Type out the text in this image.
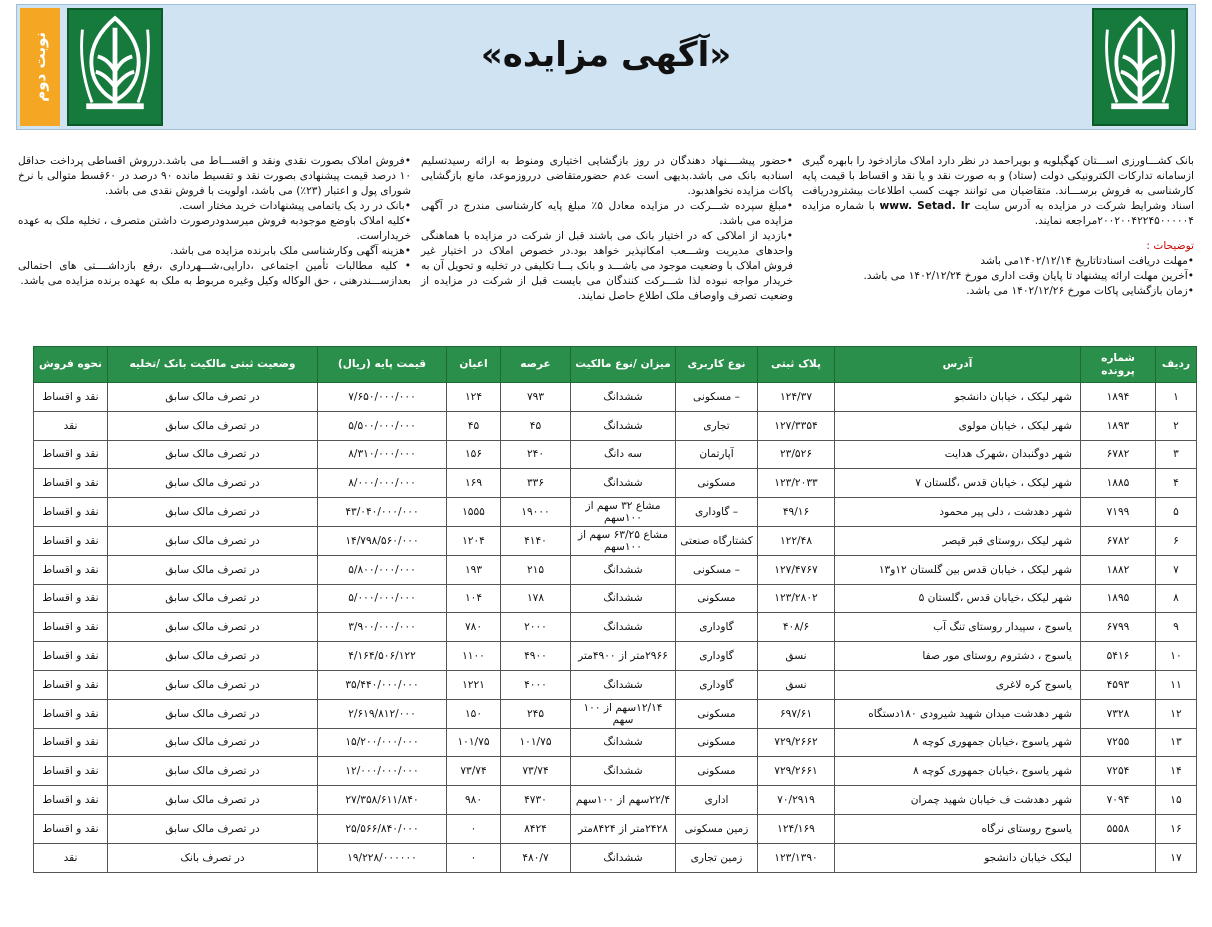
نوبت دوم	«آگهی مزایده»

بانک کشـــاورزی اســـتان کهگیلویه و بویراحمد در نظر دارد املاک مازادخود را بابهره گیری ازسامانه تدارکات الکترونیکی دولت (ستاد) و به صورت نقد و یا نقد و اقساط با قیمت پایه کارشناسی به فروش برســـاند. متقاضیان می توانند جهت کسب اطلاعات بیشترودریافت اسناد وشرایط شرکت در مزایده به آدرس سایت www. Setad. Ir با شماره مزایده ۲۰۰۲۰۰۴۲۲۴۵۰۰۰۰۰۴مراجعه نمایند.

توضیحات :

•مهلت دریافت اسنادتاتاریخ ۱۴۰۲/۱۲/۱۴می باشد

•آخرین مهلت ارائه پیشنهاد تا پایان وقت اداری مورخ ۱۴۰۲/۱۲/۲۴ می باشد.

•زمان بازگشایی پاکات مورخ ۱۴۰۲/۱۲/۲۶ می باشد.

•حضور پیشــــنهاد دهندگان در روز بازگشایی اختیاری ومنوط به ارائه رسیدتسلیم اسنادبه بانک می باشد.بدیهی است عدم حضورمتقاضی درروزموعد، مانع بازگشایی پاکات مزایده نخواهدبود.

•مبلغ سپرده شـــرکت در مزایده معادل ۵٪ مبلغ پایه کارشناسی مندرج در آگهی مزایده می باشد.

•بازدید از املاکی که در اختیار بانک می باشند قبل از شرکت در مزایده با هماهنگی واحدهای مدیریت وشـــعب امکانپذیر خواهد بود.در خصوص املاک در اختیار غیر فروش املاک با وضعیت موجود می باشـــد و بانک بـــا تکلیفی در تخلیه و تحویل آن به خریدار مواجه نبوده لذا شـــرکت کنندگان می بایست قبل از شرکت در مزایده از وضعیت تصرف واوصاف ملک اطلاع حاصل نمایند.

•فروش املاک بصورت نقدی ونقد و اقســـاط می باشد.درروش اقساطی پرداخت حداقل ۱۰ درصد قیمت پیشنهادی بصورت نقد و تقسیط مانده ۹۰ درصد در ۶۰قسط متوالی با نرخ شورای پول و اعتبار (۲۳٪) می باشد، اولویت با فروش نقدی می باشد.

•بانک در رد یک یاتمامی پیشنهادات خرید مختار است.

•کلیه املاک باوضع موجودبه فروش میرسدودرصورت داشتن متصرف ، تخلیه ملک به عهده خریداراست.

•هزینه آگهی وکارشناسی ملک بابرنده مزایده می باشد.

• کلیه مطالبات تأمین اجتماعی ،دارایی،شـــهرداری ،رفع بازداشــــتی های احتمالی بعدازســـندرهنی ، حق الوکاله وکیل وغیره مربوط به ملک به عهده برنده مزایده می باشد.

ردیف	شماره پرونده	آدرس	پلاک ثبتی	نوع کاربری	میزان /نوع مالکیت	عرصه	اعیان	قیمت پایه (ریال)	وضعیت ثبتی مالکیت بانک /تخلیه	نحوه فروش
۱	۱۸۹۴	شهر لیکک ، خیابان دانشجو	۱۲۴/۳۷	– مسکونی	ششدانگ	۷۹۳	۱۲۴	۷/۶۵۰/۰۰۰/۰۰۰	در تصرف مالک سابق	نقد و اقساط
۲	۱۸۹۳	شهر لیکک ، خیابان مولوی	۱۲۷/۳۳۵۴	تجاری	ششدانگ	۴۵	۴۵	۵/۵۰۰/۰۰۰/۰۰۰	در تصرف مالک سابق	نقد
۳	۶۷۸۲	شهر دوگنبدان ،شهرک هدایت	۲۳/۵۲۶	آپارتمان	سه دانگ	۲۴۰	۱۵۶	۸/۳۱۰/۰۰۰/۰۰۰	در تصرف مالک سابق	نقد و اقساط
۴	۱۸۸۵	شهر لیکک ، خیابان قدس ،گلستان ۷	۱۲۳/۲۰۳۳	مسکونی	ششدانگ	۳۳۶	۱۶۹	۸/۰۰۰/۰۰۰/۰۰۰	در تصرف مالک سابق	نقد و اقساط
۵	۷۱۹۹	شهر دهدشت ، دلی پیر محمود	۴۹/۱۶	– گاوداری	مشاع ۳۲ سهم از ۱۰۰سهم	۱۹۰۰۰	۱۵۵۵	۴۳/۰۴۰/۰۰۰/۰۰۰	در تصرف مالک سابق	نقد و اقساط
۶	۶۷۸۲	شهر لیکک ،روستای قبر قیصر	۱۲۲/۴۸	کشتارگاه صنعتی	مشاع ۶۳/۲۵ سهم از ۱۰۰سهم	۴۱۴۰	۱۲۰۴	۱۴/۷۹۸/۵۶۰/۰۰۰	در تصرف مالک سابق	نقد و اقساط
۷	۱۸۸۲	شهر لیکک ، خیابان قدس بین گلستان ۱۲و۱۳	۱۲۷/۴۷۶۷	– مسکونی	ششدانگ	۲۱۵	۱۹۳	۵/۸۰۰/۰۰۰/۰۰۰	در تصرف مالک سابق	نقد و اقساط
۸	۱۸۹۵	شهر لیکک ،خیابان قدس ،گلستان ۵	۱۲۳/۲۸۰۲	مسکونی	ششدانگ	۱۷۸	۱۰۴	۵/۰۰۰/۰۰۰/۰۰۰	در تصرف مالک سابق	نقد و اقساط
۹	۶۷۹۹	یاسوج ، سپیدار روستای تنگ آب	۴۰۸/۶	گاوداری	ششدانگ	۲۰۰۰	۷۸۰	۳/۹۰۰/۰۰۰/۰۰۰	در تصرف مالک سابق	نقد و اقساط
۱۰	۵۴۱۶	یاسوج ، دشتروم روستای مور صفا	نسق	گاوداری	۲۹۶۶متر از ۴۹۰۰متر	۴۹۰۰	۱۱۰۰	۴/۱۶۴/۵۰۶/۱۲۲	در تصرف مالک سابق	نقد و اقساط
۱۱	۴۵۹۳	یاسوج کره لاغری	نسق	گاوداری	ششدانگ	۴۰۰۰	۱۲۲۱	۳۵/۴۴۰/۰۰۰/۰۰۰	در تصرف مالک سابق	نقد و اقساط
۱۲	۷۳۲۸	شهر دهدشت میدان شهید شیرودی ۱۸۰دستگاه	۶۹۷/۶۱	مسکونی	۱۲/۱۴سهم از ۱۰۰ سهم	۲۴۵	۱۵۰	۲/۶۱۹/۸۱۲/۰۰۰	در تصرف مالک سابق	نقد و اقساط
۱۳	۷۲۵۵	شهر یاسوج ،خیابان جمهوری کوچه ۸	۷۲۹/۲۶۶۲	مسکونی	ششدانگ	۱۰۱/۷۵	۱۰۱/۷۵	۱۵/۲۰۰/۰۰۰/۰۰۰	در تصرف مالک سابق	نقد و اقساط
۱۴	۷۲۵۴	شهر یاسوج ،خیابان جمهوری کوچه ۸	۷۲۹/۲۶۶۱	مسکونی	ششدانگ	۷۳/۷۴	۷۳/۷۴	۱۲/۰۰۰/۰۰۰/۰۰۰	در تصرف مالک سابق	نقد و اقساط
۱۵	۷۰۹۴	شهر دهدشت ف خیابان شهید چمران	۷۰/۲۹۱۹	اداری	۲۲/۴سهم از ۱۰۰سهم	۴۷۳۰	۹۸۰	۲۷/۳۵۸/۶۱۱/۸۴۰	در تصرف مالک سابق	نقد و اقساط
۱۶	۵۵۵۸	یاسوج روستای نرگاه	۱۲۴/۱۶۹	زمین مسکونی	۲۴۲۸متر از ۸۴۲۴متر	۸۴۲۴	۰	۲۵/۵۶۶/۸۴۰/۰۰۰	در تصرف مالک سابق	نقد و اقساط
۱۷		لیکک خیابان دانشجو	۱۲۳/۱۳۹۰	زمین تجاری	ششدانگ	۴۸۰/۷	۰	۱۹/۲۲۸/۰۰۰۰۰۰	در تصرف بانک	نقد
